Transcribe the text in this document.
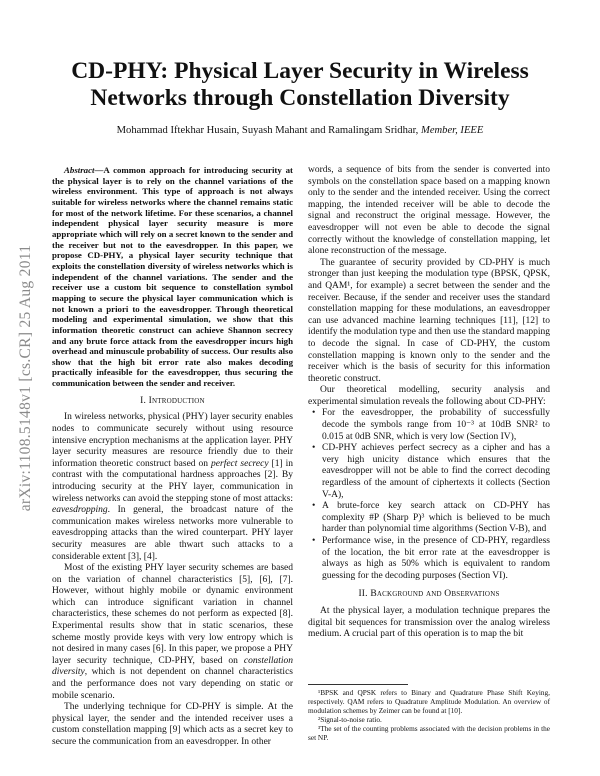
arXiv:1108.5148v1 [cs.CR] 25 Aug 2011
CD-PHY: Physical Layer Security in Wireless Networks through Constellation Diversity
Mohammad Iftekhar Husain, Suyash Mahant and Ramalingam Sridhar, Member, IEEE
Abstract—A common approach for introducing security at the physical layer is to rely on the channel variations of the wireless environment. This type of approach is not always suitable for wireless networks where the channel remains static for most of the network lifetime. For these scenarios, a channel independent physical layer security measure is more appropriate which will rely on a secret known to the sender and the receiver but not to the eavesdropper. In this paper, we propose CD-PHY, a physical layer security technique that exploits the constellation diversity of wireless networks which is independent of the channel variations. The sender and the receiver use a custom bit sequence to constellation symbol mapping to secure the physical layer communication which is not known a priori to the eavesdropper. Through theoretical modeling and experimental simulation, we show that this information theoretic construct can achieve Shannon secrecy and any brute force attack from the eavesdropper incurs high overhead and minuscule probability of success. Our results also show that the high bit error rate also makes decoding practically infeasible for the eavesdropper, thus securing the communication between the sender and receiver.
I. Introduction

In wireless networks, physical (PHY) layer security enables nodes to communicate securely without using resource intensive encryption mechanisms at the application layer. PHY layer security measures are resource friendly due to their information theoretic construct based on perfect secrecy [1] in contrast with the computational hardness approaches [2]. By introducing security at the PHY layer, communication in wireless networks can avoid the stepping stone of most attacks: eavesdropping. In general, the broadcast nature of the communication makes wireless networks more vulnerable to eavesdropping attacks than the wired counterpart. PHY layer security measures are able thwart such attacks to a considerable extent [3], [4].

Most of the existing PHY layer security schemes are based on the variation of channel characteristics [5], [6], [7]. However, without highly mobile or dynamic environment which can introduce significant variation in channel characteristics, these schemes do not perform as expected [8]. Experimental results show that in static scenarios, these scheme mostly provide keys with very low entropy which is not desired in many cases [6]. In this paper, we propose a PHY layer security technique, CD-PHY, based on constellation diversity, which is not dependent on channel characteristics and the performance does not vary depending on static or mobile scenario.

The underlying technique for CD-PHY is simple. At the physical layer, the sender and the intended receiver uses a custom constellation mapping [9] which acts as a secret key to secure the communication from an eavesdropper. In other

words, a sequence of bits from the sender is converted into symbols on the constellation space based on a mapping known only to the sender and the intended receiver. Using the correct mapping, the intended receiver will be able to decode the signal and reconstruct the original message. However, the eavesdropper will not even be able to decode the signal correctly without the knowledge of constellation mapping, let alone reconstruction of the message.

The guarantee of security provided by CD-PHY is much stronger than just keeping the modulation type (BPSK, QPSK, and QAM¹, for example) a secret between the sender and the receiver. Because, if the sender and receiver uses the standard constellation mapping for these modulations, an eavesdropper can use advanced machine learning techniques [11], [12] to identify the modulation type and then use the standard mapping to decode the signal. In case of CD-PHY, the custom constellation mapping is known only to the sender and the receiver which is the basis of security for this information theoretic construct.

Our theoretical modelling, security analysis and experimental simulation reveals the following about CD-PHY:

• For the eavesdropper, the probability of successfully decode the symbols range from 10⁻³ at 10dB SNR² to 0.015 at 0dB SNR, which is very low (Section IV),
• CD-PHY achieves perfect secrecy as a cipher and has a very high unicity distance which ensures that the eavesdropper will not be able to find the correct decoding regardless of the amount of ciphertexts it collects (Section V-A),
• A brute-force key search attack on CD-PHY has complexity #P (Sharp P)³ which is believed to be much harder than polynomial time algorithms (Section V-B), and
• Performance wise, in the presence of CD-PHY, regardless of the location, the bit error rate at the eavesdropper is always as high as 50% which is equivalent to random guessing for the decoding purposes (Section VI).
II. Background and Observations

At the physical layer, a modulation technique prepares the digital bit sequences for transmission over the analog wireless medium. A crucial part of this operation is to map the bit

¹BPSK and QPSK refers to Binary and Quadrature Phase Shift Keying, respectively. QAM refers to Quadrature Amplitude Modulation. An overview of modulation schemes by Zeimer can be found at [10].

²Signal-to-noise ratio.

³The set of the counting problems associated with the decision problems in the set NP.
